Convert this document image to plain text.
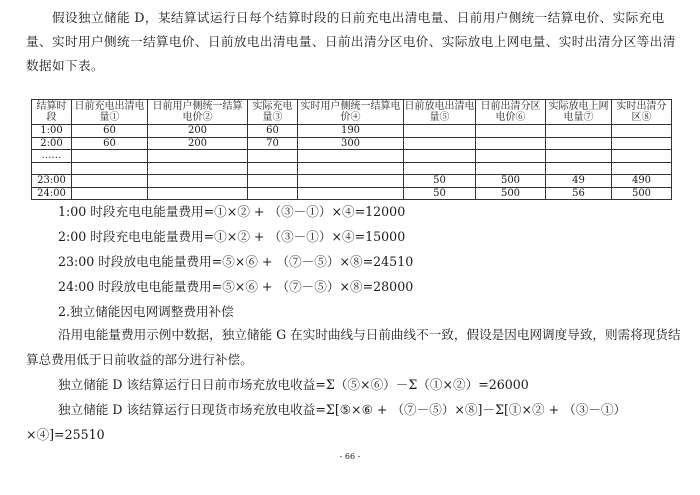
假设独立储能 D，某结算试运行日每个结算时段的日前充电出清电量、日前用户侧统一结算电价、实际充电量、实时用户侧统一结算电价、日前放电出清电量、日前出清分区电价、实际放电上网电量、实时出清分区等出清数据如下表。
结算时段	日前充电出清电量①	日前用户侧统一结算电价②	实际充电量③	实时用户侧统一结算电价④	日前放电出清电量⑤	日前出清分区电价⑥	实际放电上网电量⑦	实时出清分区⑧
1:00	60	200	60	190				
2:00	60	200	70	300				
……								

23:00					50	500	49	490
24:00					50	500	56	500
1:00 时段充电电能量费用=①×② + （③－①）×④=12000
2:00 时段充电电能量费用=①×② + （③－①）×④=15000
23:00 时段放电电能量费用=⑤×⑥ + （⑦－⑤）×⑧=24510
24:00 时段放电电能量费用=⑤×⑥ + （⑦－⑤）×⑧=28000
2.独立储能因电网调整费用补偿
沿用电能量费用示例中数据，独立储能 G 在实时曲线与日前曲线不一致，假设是因电网调度导致，则需将现货结算总费用低于日前收益的部分进行补偿。
独立储能 D 该结算运行日日前市场充放电收益=Σ（⑤×⑥）－Σ（①×②）=26000
独立储能 D 该结算运行日现货市场充放电收益=Σ[⑤×⑥ + （⑦－⑤）×⑧]－Σ[①×② + （③－①）×④]=25510
- 66 -
